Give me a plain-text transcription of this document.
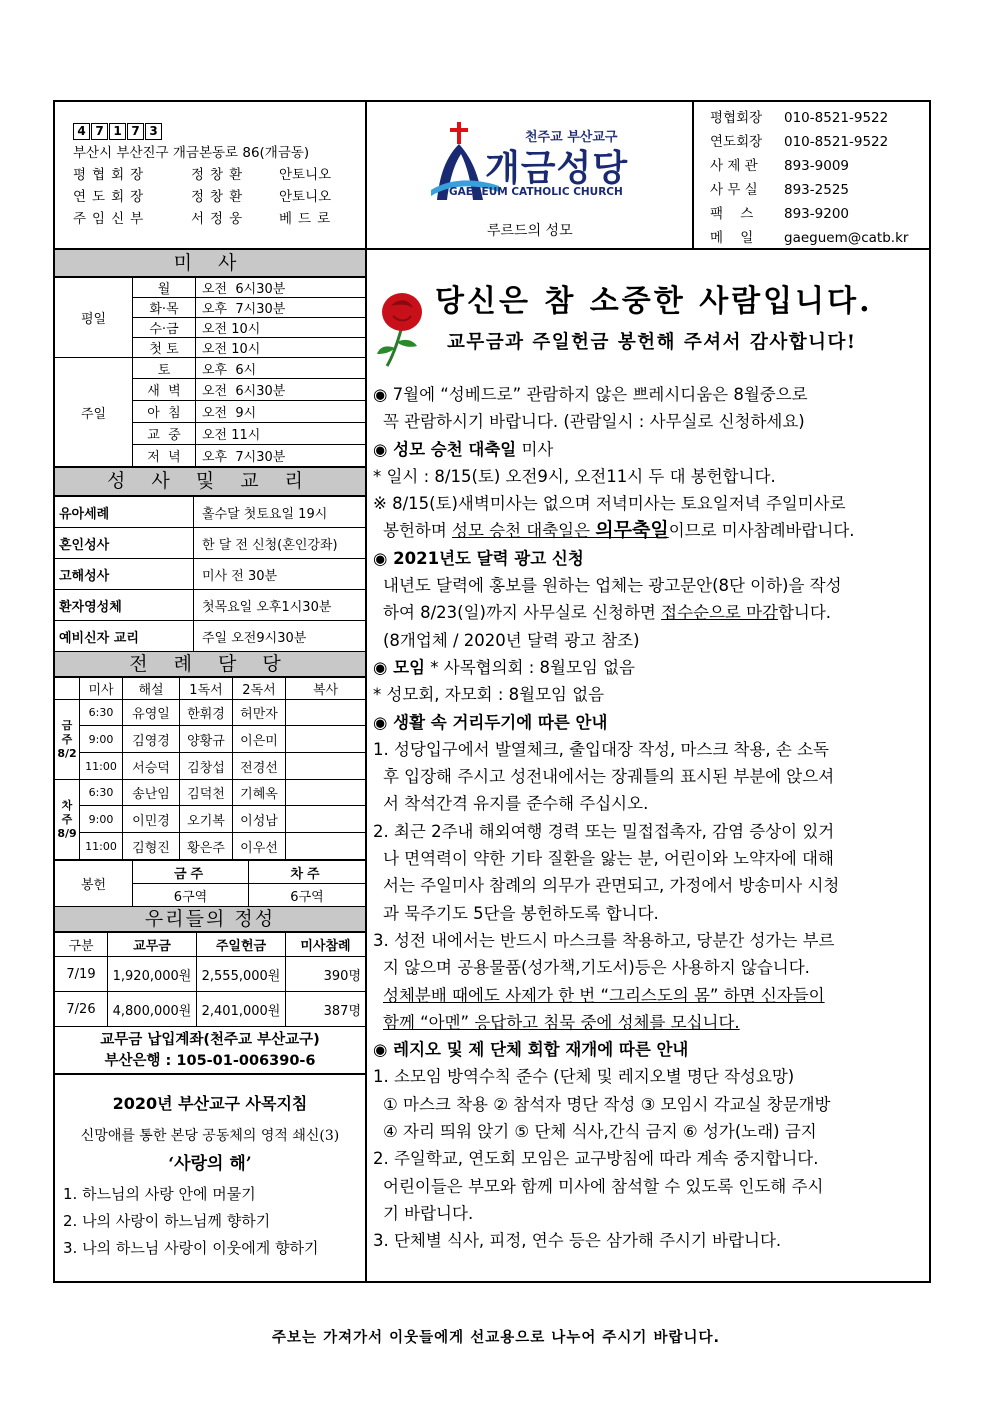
4 7 1 7 3
부산시 부산진구 개금본동로 86(개금동)
평협회장	정창환	안토니오
연도회장	정창환	안토니오
주임신부	서정웅	베드로
천주교 부산교구
개금성당
GAEGEUM CATHOLIC CHURCH
루르드의 성모
평협회장	010-8521-9522
연도회장	010-8521-9522
사 제 관	893-9009
사 무 실	893-2525
팩    스	893-9200
메    일	gaeguem@catb.kr
미 사
평일	월	오전  6시30분
	화·목	오후  7시30분
	수·금	오전 10시
	첫 토	오전 10시
주일	토	오후  6시
	새  벽	오전  6시30분
	아  침	오전  9시
	교  중	오전 11시
	저  녁	오후  7시30분
성 사 및 교 리
유아세례	홀수달 첫토요일 19시
혼인성사	한 달 전 신청(혼인강좌)
고해성사	미사 전 30분
환자영성체	첫목요일 오후1시30분
예비신자 교리	주일 오전9시30분
전 례 담 당
	미사	해설	1독서	2독서	복사
금
주
8/2	6:30	유영일	한휘경	허만자	
	9:00	김영경	양황규	이은미	
	11:00	서승덕	김창섭	전경선	
차
주
8/9	6:30	송난임	김덕천	기혜옥	
	9:00	이민경	오기복	이성남	
	11:00	김형진	황은주	이우선	
봉헌	금주	차주
	6구역	6구역
우리들의 정성
구분	교무금	주일헌금	미사참례
7/19	1,920,000원	2,555,000원	390명
7/26	4,800,000원	2,401,000원	387명
교무금 납입계좌(천주교 부산교구)
부산은행 : 105-01-006390-6
2020년 부산교구 사목지침
신망애를 통한 본당 공동체의 영적 쇄신(3)
‘사랑의 해’
1. 하느님의 사랑 안에 머물기
2. 나의 사랑이 하느님께 향하기
3. 나의 하느님 사랑이 이웃에게 향하기
당신은 참 소중한 사람입니다.
교무금과 주일헌금 봉헌해 주셔서 감사합니다!

◉ 7월에 “성베드로” 관람하지 않은 쁘레시디움은 8월중으로

꼭 관람하시기 바랍니다. (관람일시 : 사무실로 신청하세요)

◉ 성모 승천 대축일 미사

* 일시 : 8/15(토) 오전9시, 오전11시 두 대 봉헌합니다.

※ 8/15(토)새벽미사는 없으며 저녁미사는 토요일저녁 주일미사로

봉헌하며 성모 승천 대축일은 의무축일이므로 미사참례바랍니다.

◉ 2021년도 달력 광고 신청

내년도 달력에 홍보를 원하는 업체는 광고문안(8단 이하)을 작성

하여 8/23(일)까지 사무실로 신청하면 접수순으로 마감합니다.

(8개업체 / 2020년 달력 광고 참조)

◉ 모임 * 사목협의회 : 8월모임 없음

* 성모회, 자모회 : 8월모임 없음

◉ 생활 속 거리두기에 따른 안내

1. 성당입구에서 발열체크, 출입대장 작성, 마스크 착용, 손 소독

후 입장해 주시고 성전내에서는 장궤틀의 표시된 부분에 앉으셔

서 착석간격 유지를 준수해 주십시오.

2. 최근 2주내 해외여행 경력 또는 밀접접촉자, 감염 증상이 있거

나 면역력이 약한 기타 질환을 앓는 분, 어린이와 노약자에 대해

서는 주일미사 참례의 의무가 관면되고, 가정에서 방송미사 시청

과 묵주기도 5단을 봉헌하도록 합니다.

3. 성전 내에서는 반드시 마스크를 착용하고, 당분간 성가는 부르

지 않으며 공용물품(성가책,기도서)등은 사용하지 않습니다.

성체분배 때에도 사제가 한 번 “그리스도의 몸” 하면 신자들이

함께 “아멘” 응답하고 침묵 중에 성체를 모십니다.

◉ 레지오 및 제 단체 회합 재개에 따른 안내

1. 소모임 방역수칙 준수 (단체 및 레지오별 명단 작성요망)

① 마스크 착용 ② 참석자 명단 작성 ③ 모임시 각교실 창문개방

④ 자리 띄워 앉기 ⑤ 단체 식사,간식 금지 ⑥ 성가(노래) 금지

2. 주일학교, 연도회 모임은 교구방침에 따라 계속 중지합니다.

어린이들은 부모와 함께 미사에 참석할 수 있도록 인도해 주시

기 바랍니다.

3. 단체별 식사, 피정, 연수 등은 삼가해 주시기 바랍니다.

주보는 가져가서 이웃들에게 선교용으로 나누어 주시기 바랍니다.
